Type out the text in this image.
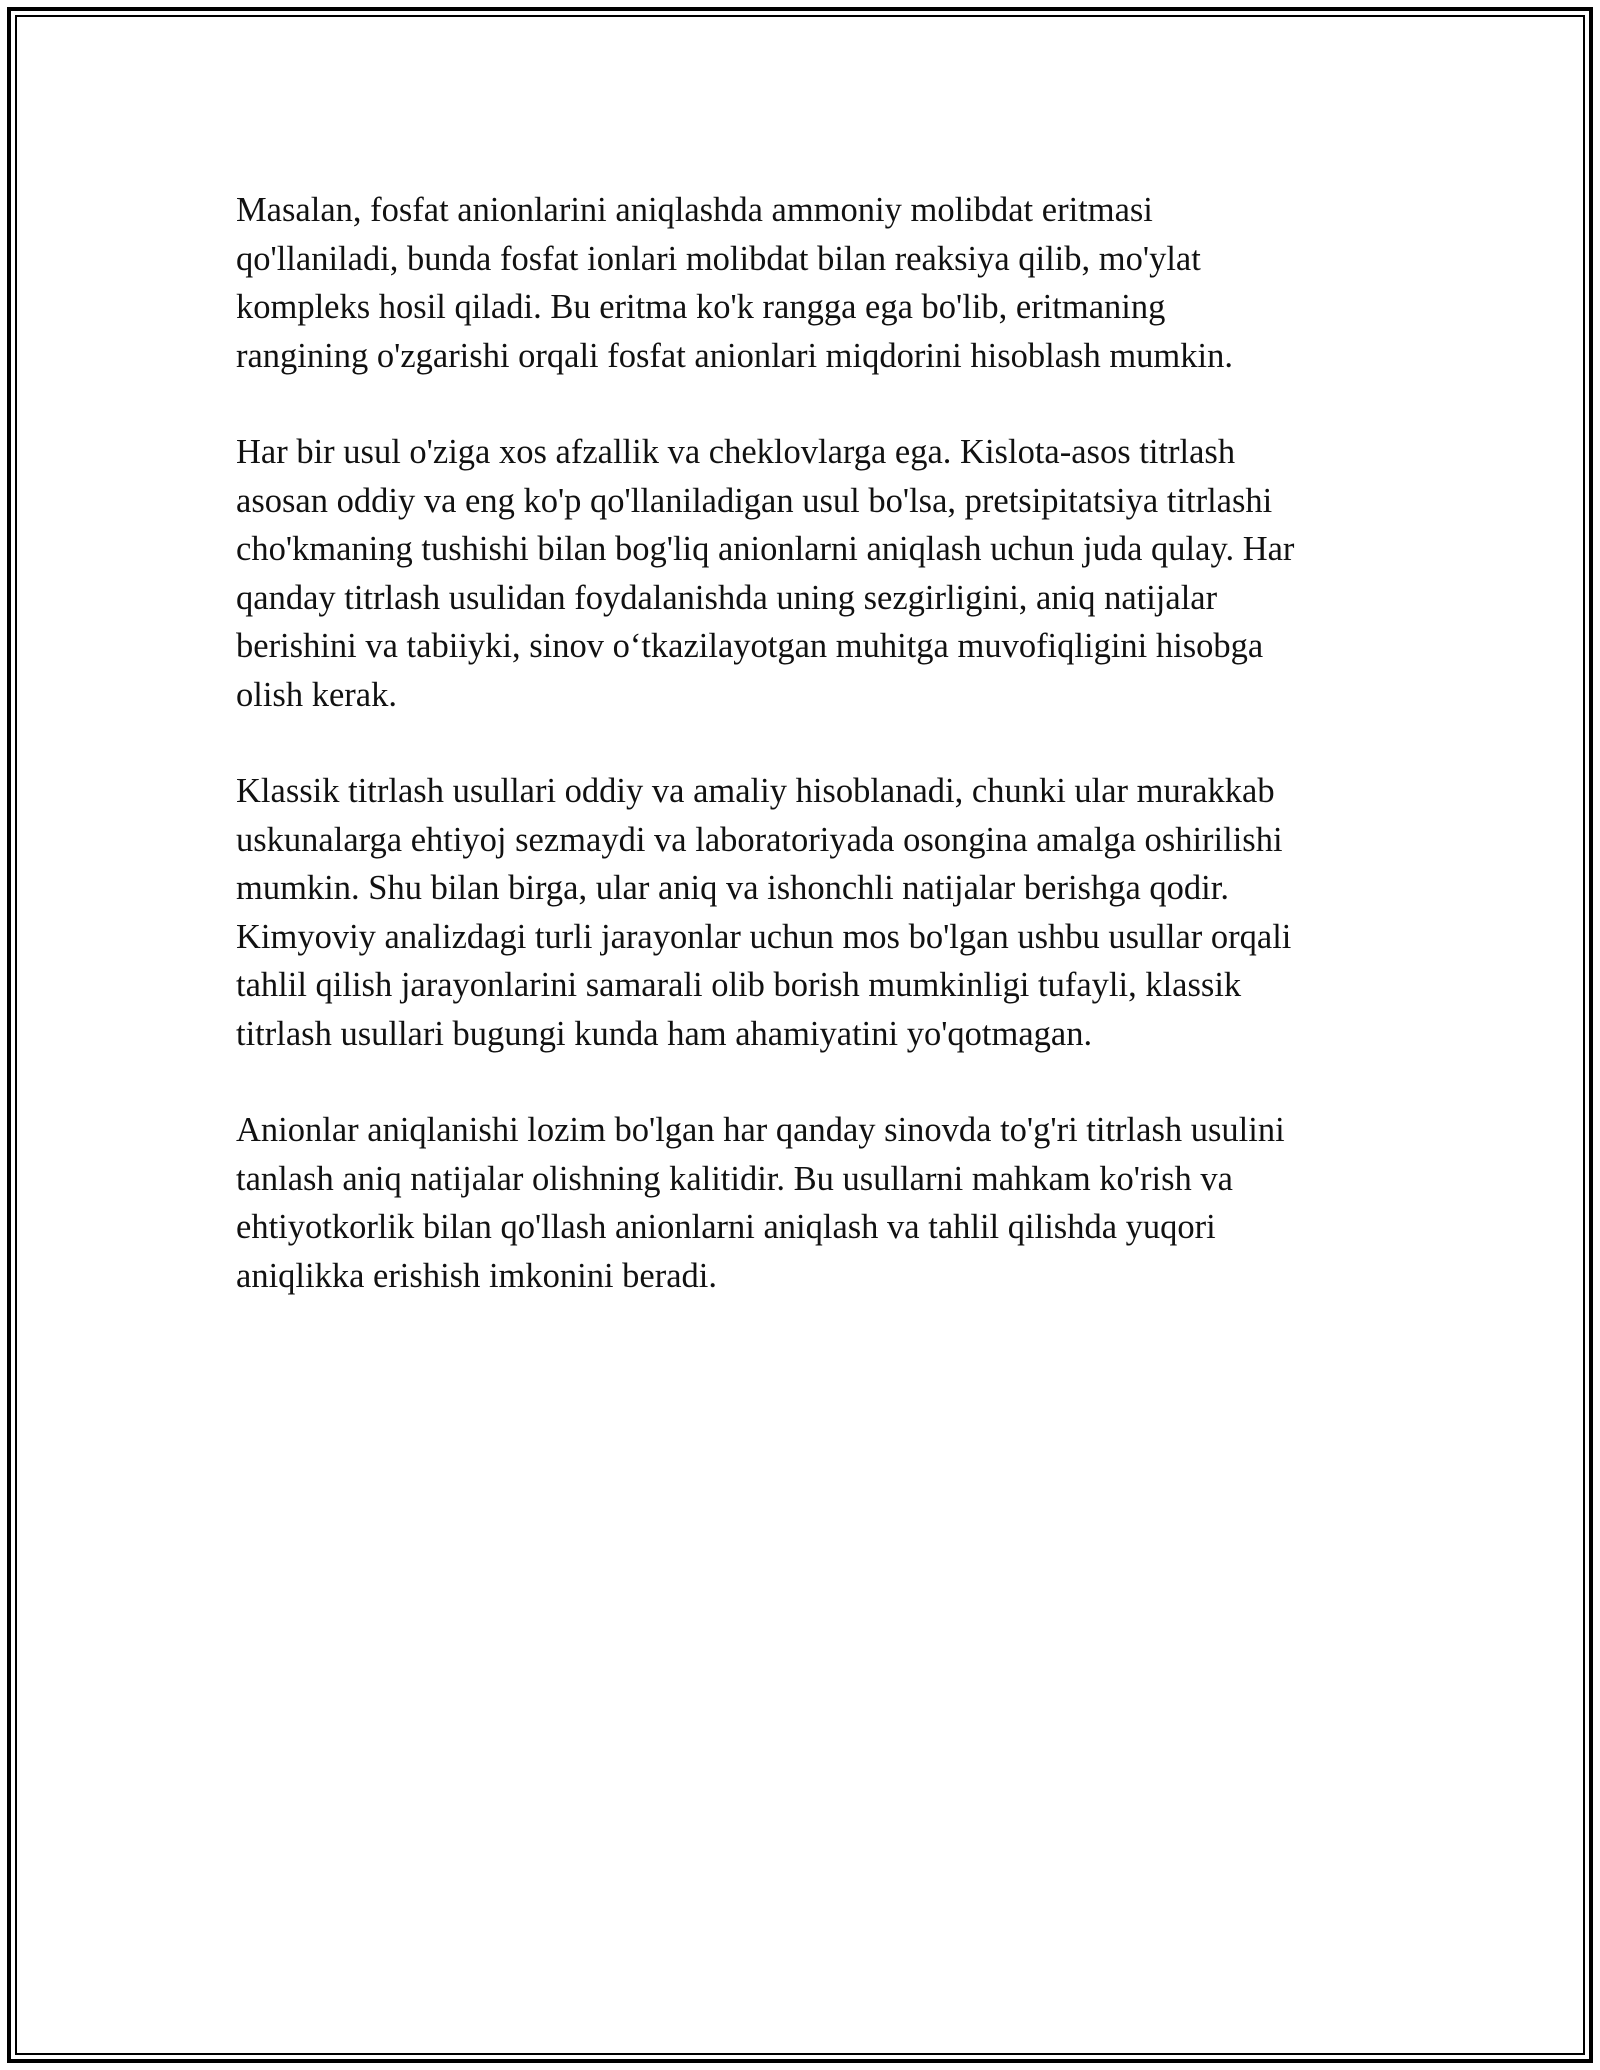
Masalan, fosfat anionlarini aniqlashda ammoniy molibdat eritmasi
qo'llaniladi, bunda fosfat ionlari molibdat bilan reaksiya qilib, mo'ylat
kompleks hosil qiladi. Bu eritma ko'k rangga ega bo'lib, eritmaning
rangining o'zgarishi orqali fosfat anionlari miqdorini hisoblash mumkin.

Har bir usul o'ziga xos afzallik va cheklovlarga ega. Kislota-asos titrlash
asosan oddiy va eng ko'p qo'llaniladigan usul bo'lsa, pretsipitatsiya titrlashi
cho'kmaning tushishi bilan bog'liq anionlarni aniqlash uchun juda qulay. Har
qanday titrlash usulidan foydalanishda uning sezgirligini, aniq natijalar
berishini va tabiiyki, sinov o‘tkazilayotgan muhitga muvofiqligini hisobga
olish kerak.

Klassik titrlash usullari oddiy va amaliy hisoblanadi, chunki ular murakkab
uskunalarga ehtiyoj sezmaydi va laboratoriyada osongina amalga oshirilishi
mumkin. Shu bilan birga, ular aniq va ishonchli natijalar berishga qodir.
Kimyoviy analizdagi turli jarayonlar uchun mos bo'lgan ushbu usullar orqali
tahlil qilish jarayonlarini samarali olib borish mumkinligi tufayli, klassik
titrlash usullari bugungi kunda ham ahamiyatini yo'qotmagan.

Anionlar aniqlanishi lozim bo'lgan har qanday sinovda to'g'ri titrlash usulini
tanlash aniq natijalar olishning kalitidir. Bu usullarni mahkam ko'rish va
ehtiyotkorlik bilan qo'llash anionlarni aniqlash va tahlil qilishda yuqori
aniqlikka erishish imkonini beradi.
